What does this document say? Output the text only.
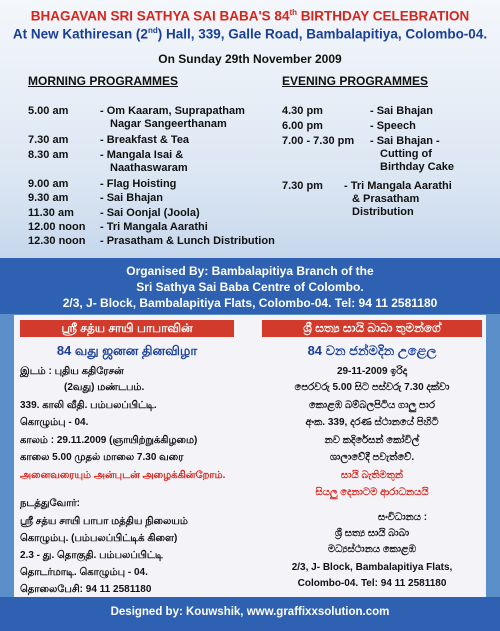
BHAGAVAN SRI SATHYA SAI BABA'S 84th BIRTHDAY CELEBRATION
At New Kathiresan (2nd) Hall, 339, Galle Road, Bambalapitiya, Colombo-04.
On Sunday 29th November 2009
MORNING PROGRAMMES	EVENING PROGRAMMES
5.00 am	- Om Kaaram, Suprapatham
Nagar Sangeerthanam
7.30 am	- Breakfast & Tea
8.30 am	- Mangala Isai &
Naathaswaram
9.00 am	- Flag Hoisting
9.30 am	- Sai Bhajan
11.30 am - Sai Oonjal (Joola)
12.00 noon - Tri Mangala Aarathi
12.30 noon - Prasatham & Lunch Distribution
4.30 pm	- Sai Bhajan
6.00 pm	- Speech
7.00 - 7.30 pm - Sai Bhajan -
Cutting of
Birthday Cake
7.30 pm - Tri Mangala Aarathi
& Prasatham
Distribution
Organised By: Bambalapitiya Branch of the
Sri Sathya Sai Baba Centre of Colombo.
2/3, J- Block, Bambalapitiya Flats, Colombo-04. Tel: 94 11 2581180
ஸ்ரீ சத்ய சாயி பாபாவின்
84 வது ஜனன தினவிழா
ශ්‍රී සත්‍ය සායි බාබා තුමන්ගේ
84 වන ජන්මදින උළෙල
இடம் : புதிய கதிரேசன்
(2வது) மண்டபம்.
339. காலி வீதி. பம்பலப்பிட்டி.
கொழும்பு - 04.
காலம் : 29.11.2009 (ஞாயிற்றுக்கிழமை)
காலை 5.00 முதல் மாலை 7.30 வரை
அனைவரையும் அன்புடன் அழைக்கின்றோம்.
நடத்துவோர்:
ஸ்ரீ சத்ய சாயி பாபா மத்திய நிலையம்
கொழும்பு. (பம்பலப்பிட்டிக் கிளை)
2.3 - து. தொகுதி. பம்பலப்பிட்டி
தொடர்மாடி. கொழும்பு - 04.
தொலைபேசி: 94 11 2581180
29-11-2009 ඉරිදා
පෙරවරු 5.00 සිට පස්වරු 7.30 දක්වා
කොළඹ බම්බලපිටිය ගාලු පාර
අංක. 339, දරණ ස්ථානයේ පිහිටි
නව කදිරේසන් කෝවිල්
ශාලාවේදී පවැත්වේ.
සායි බැතිමතුන්
සියලු දෙනාටම ආරාධනයයි
සංවිධානය :
ශ්‍රී සත්‍ය සායි බාබා
මධ්‍යස්ථානය කොළඹ
2/3, J- Block, Bambalapitiya Flats,
Colombo-04. Tel: 94 11 2581180
Designed by: Kouwshik, www.graffixxsolution.com
